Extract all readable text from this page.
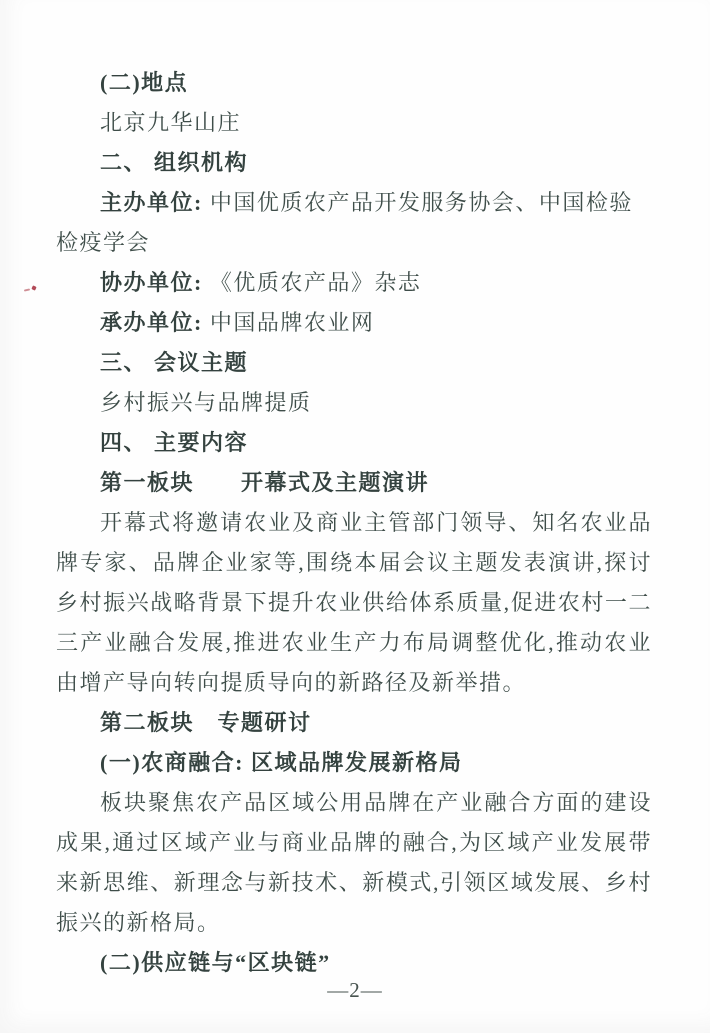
(二)地点

北京九华山庄

二、 组织机构

主办单位: 中国优质农产品开发服务协会、中国检验检疫学会

协办单位: 《优质农产品》杂志

承办单位: 中国品牌农业网

三、 会议主题

乡村振兴与品牌提质

四、 主要内容

第一板块　　开幕式及主题演讲

开幕式将邀请农业及商业主管部门领导、知名农业品牌专家、品牌企业家等,围绕本届会议主题发表演讲,探讨乡村振兴战略背景下提升农业供给体系质量,促进农村一二三产业融合发展,推进农业生产力布局调整优化,推动农业由增产导向转向提质导向的新路径及新举措。

第二板块　专题研讨

(一)农商融合: 区域品牌发展新格局

板块聚焦农产品区域公用品牌在产业融合方面的建设成果,通过区域产业与商业品牌的融合,为区域产业发展带来新思维、新理念与新技术、新模式,引领区域发展、乡村振兴的新格局。

(二)供应链与“区块链”

—2—
